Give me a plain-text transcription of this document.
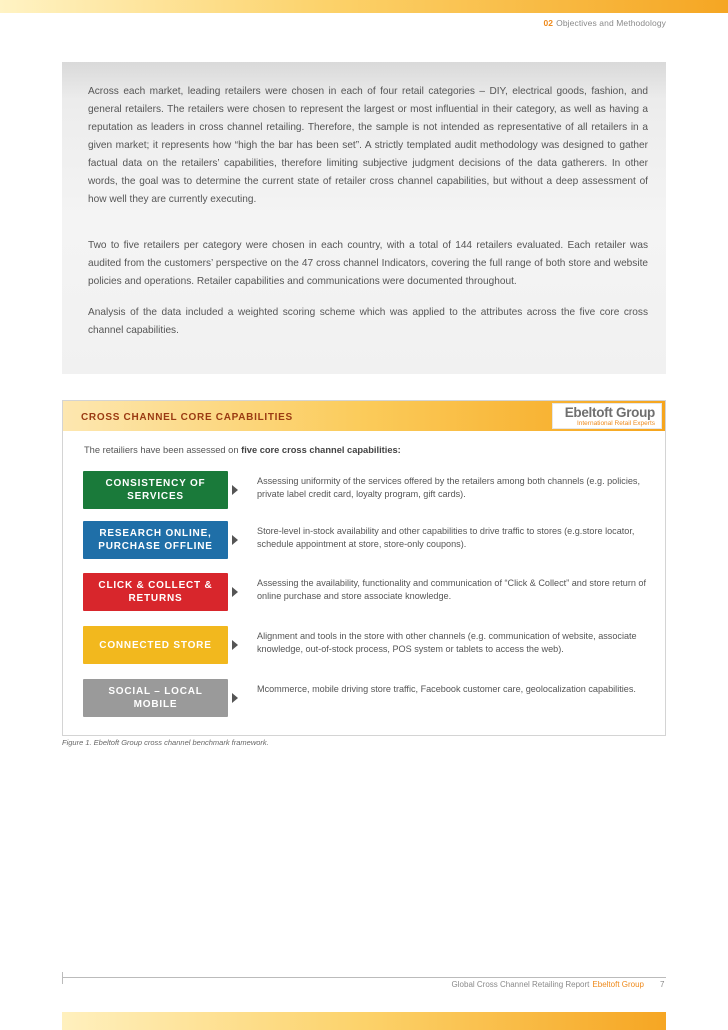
02 Objectives and Methodology

Across each market, leading retailers were chosen in each of four retail categories – DIY, electrical goods, fashion, and general retailers. The retailers were chosen to represent the largest or most influential in their category, as well as having a reputation as leaders in cross channel retailing. Therefore, the sample is not intended as representative of all retailers in a given market; it represents how “high the bar has been set”. A strictly templated audit methodology was designed to gather factual data on the retailers’ capabilities, therefore limiting subjective judgment decisions of the data gatherers. In other words, the goal was to determine the current state of retailer cross channel capabilities, but without a deep assessment of how well they are currently executing.

Two to five retailers per category were chosen in each country, with a total of 144 retailers evaluated. Each retailer was audited from the customers’ perspective on the 47 cross channel Indicators, covering the full range of both store and website policies and operations. Retailer capabilities and communications were documented throughout.

Analysis of the data included a weighted scoring scheme which was applied to the attributes across the five core cross channel capabilities.

CROSS CHANNEL CORE CAPABILITIES	Ebeltoft Group
International Retail Experts
The retailiers have been assessed on five core cross channel capabilities:
CONSISTENCY OF SERVICES
Assessing uniformity of the services offered by the retailers among both channels (e.g. policies, private label credit card, loyalty program, gift cards).
RESEARCH ONLINE, PURCHASE OFFLINE
Store-level in-stock availability and other capabilities to drive traffic to stores (e.g.store locator, schedule appointment at store, store-only coupons).
CLICK & COLLECT & RETURNS
Assessing the availability, functionality and communication of “Click & Collect” and store return of online purchase and store associate knowledge.
CONNECTED STORE
Alignment and tools in the store with other channels (e.g. communication of website, associate knowledge, out-of-stock process, POS system or tablets to access the web).
SOCIAL – LOCAL MOBILE
Mcommerce, mobile driving store traffic, Facebook customer care, geolocalization capabilities.
Figure 1. Ebeltoft Group cross channel benchmark framework.
Global Cross Channel Retailing Report Ebeltoft Group 7
